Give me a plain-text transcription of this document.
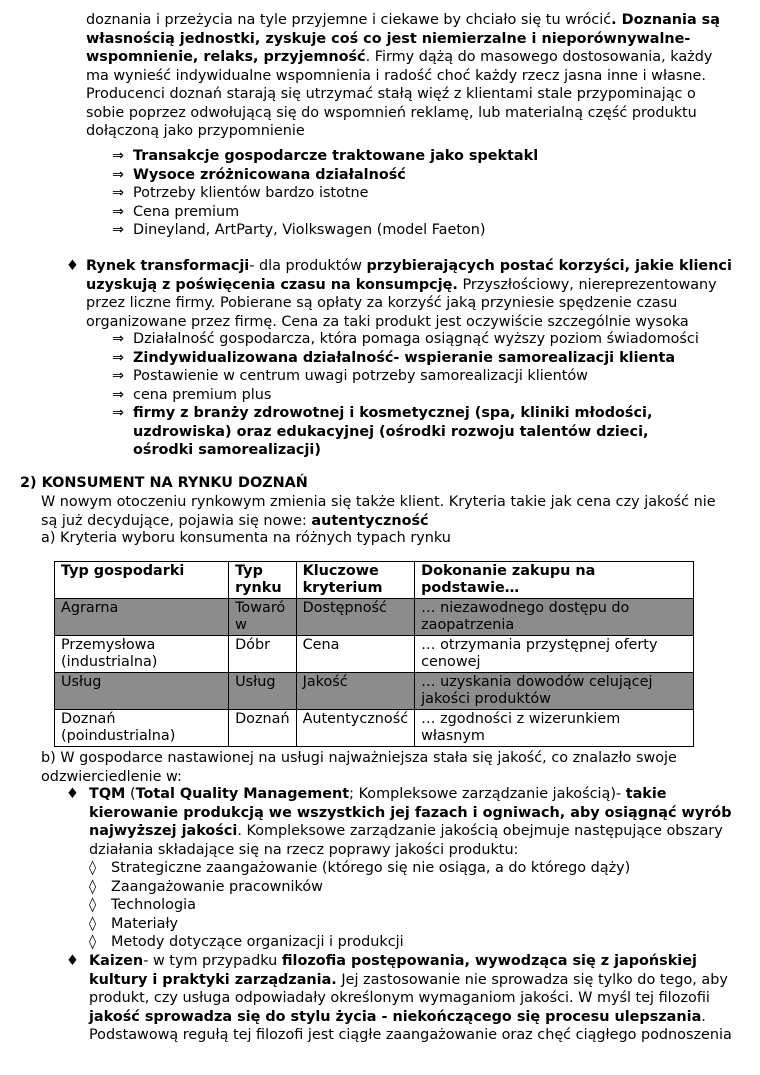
doznania i przeżycia na tyle przyjemne i ciekawe by chciało się tu wrócić. Doznania są własnością jednostki, zyskuje coś co jest niemierzalne i nieporównywalne- wspomnienie, relaks, przyjemność. Firmy dążą do masowego dostosowania, każdy ma wynieść indywidualne wspomnienia i radość choć każdy rzecz jasna inne i własne. Producenci doznań starają się utrzymać stałą więź z klientami stale przypominając o sobie poprzez odwołującą się do wspomnień reklamę, lub materialną część produktu dołączoną jako przypomnienie

⇒ Transakcje gospodarcze traktowane jako spektakl
⇒ Wysoce zróżnicowana działalność
⇒ Potrzeby klientów bardzo istotne
⇒ Cena premium
⇒ Dineyland, ArtParty, Violkswagen (model Faeton)
♦ Rynek transformacji- dla produktów przybierających postać korzyści, jakie klienci uzyskują z poświęcenia czasu na konsumpcję. Przyszłościowy, niereprezentowany przez liczne firmy. Pobierane są opłaty za korzyść jaką przyniesie spędzenie czasu organizowane przez firmę. Cena za taki produkt jest oczywiście szczególnie wysoka

⇒ Działalność gospodarcza, która pomaga osiągnąć wyższy poziom świadomości
⇒ Zindywidualizowana działalność- wspieranie samorealizacji klienta
⇒ Postawienie w centrum uwagi potrzeby samorealizacji klientów
⇒ cena premium plus
⇒ firmy z branży zdrowotnej i kosmetycznej (spa, kliniki młodości, uzdrowiska) oraz edukacyjnej (ośrodki rozwoju talentów dzieci, ośrodki samorealizacji)
2) KONSUMENT NA RYNKU DOZNAŃ

W nowym otoczeniu rynkowym zmienia się także klient. Kryteria takie jak cena czy jakość nie są już decydujące, pojawia się nowe: autentyczność

a) Kryteria wyboru konsumenta na różnych typach rynku
Typ gospodarki	Typ rynku	Kluczowe kryterium	Dokonanie zakupu na podstawie…
Agrarna	Towaró w	Dostępność	… niezawodnego dostępu do zaopatrzenia
Przemysłowa (industrialna)	Dóbr	Cena	… otrzymania przystępnej oferty cenowej
Usług	Usług	Jakość	… uzyskania dowodów celującej jakości produktów
Doznań (poindustrialna)	Doznań	Autentyczność	… zgodności z wizerunkiem własnym

b) W gospodarce nastawionej na usługi najważniejsza stała się jakość, co znalazło swoje odzwierciedlenie w:

♦ TQM (Total Quality Management; Kompleksowe zarządzanie jakością)- takie kierowanie produkcją we wszystkich jej fazach i ogniwach, aby osiągnąć wyrób najwyższej jakości. Kompleksowe zarządzanie jakością obejmuje następujące obszary działania składające się na rzecz poprawy jakości produktu:

◊ Strategiczne zaangażowanie (którego się nie osiąga, a do którego dąży)
◊ Zaangażowanie pracowników
◊ Technologia
◊ Materiały
◊ Metody dotyczące organizacji i produkcji
♦ Kaizen- w tym przypadku filozofia postępowania, wywodząca się z japońskiej kultury i praktyki zarządzania. Jej zastosowanie nie sprowadza się tylko do tego, aby produkt, czy usługa odpowiadały określonym wymaganiom jakości. W myśl tej filozofii jakość sprowadza się do stylu życia - niekończącego się procesu ulepszania. Podstawową regułą tej filozofi jest ciągłe zaangażowanie oraz chęć ciągłego podnoszenia
